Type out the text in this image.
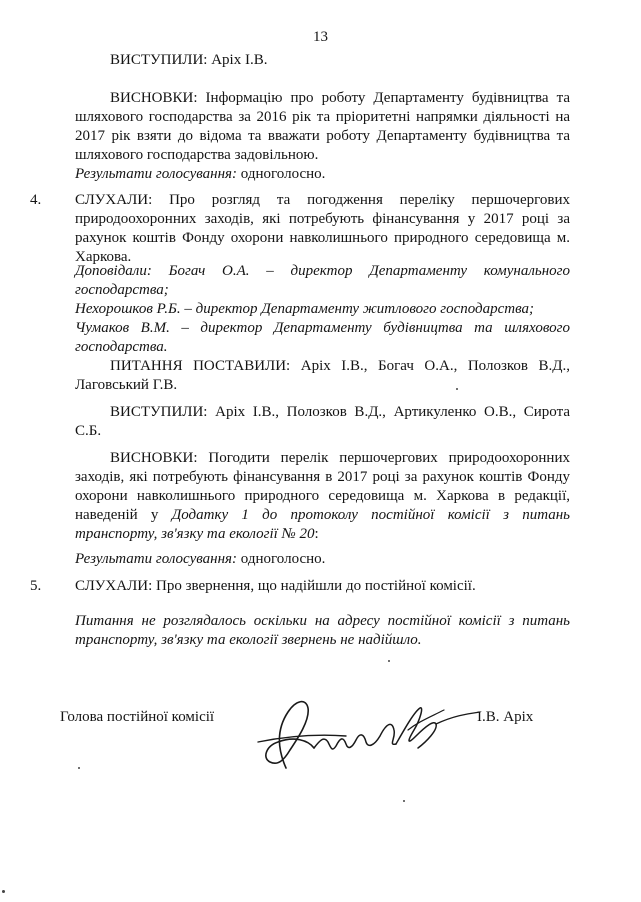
13
ВИСТУПИЛИ: Аріх І.В.
ВИСНОВКИ: Інформацію про роботу Департаменту будівництва та шляхового господарства за 2016 рік та пріоритетні напрямки діяльності на 2017 рік взяти до відома та вважати роботу Департаменту будівництва та шляхового господарства задовільною.
Результати голосування: одноголосно.
4. СЛУХАЛИ: Про розгляд та погодження переліку першочергових природоохоронних заходів, які потребують фінансування у 2017 році за рахунок коштів Фонду охорони навколишнього природного середовища м. Харкова.
Доповідали: Богач О.А. – директор Департаменту комунального господарства;
Нехорошков Р.Б. – директор Департаменту житлового господарства;
Чумаков В.М. – директор Департаменту будівництва та шляхового господарства.
ПИТАННЯ ПОСТАВИЛИ: Аріх І.В., Богач О.А., Полозков В.Д., Лаговський Г.В.
ВИСТУПИЛИ: Аріх І.В., Полозков В.Д., Артикуленко О.В., Сирота С.Б.
ВИСНОВКИ: Погодити перелік першочергових природоохоронних заходів, які потребують фінансування в 2017 році за рахунок коштів Фонду охорони навколишнього природного середовища м. Харкова в редакції, наведеній у Додатку 1 до протоколу постійної комісії з питань транспорту, зв'язку та екології № 20:
Результати голосування: одноголосно.
5. СЛУХАЛИ: Про звернення, що надійшли до постійної комісії.
Питання не розглядалось оскільки на адресу постійної комісії з питань транспорту, зв'язку та екології звернень не надійшло.
Голова постійної комісії	І.В. Аріх
